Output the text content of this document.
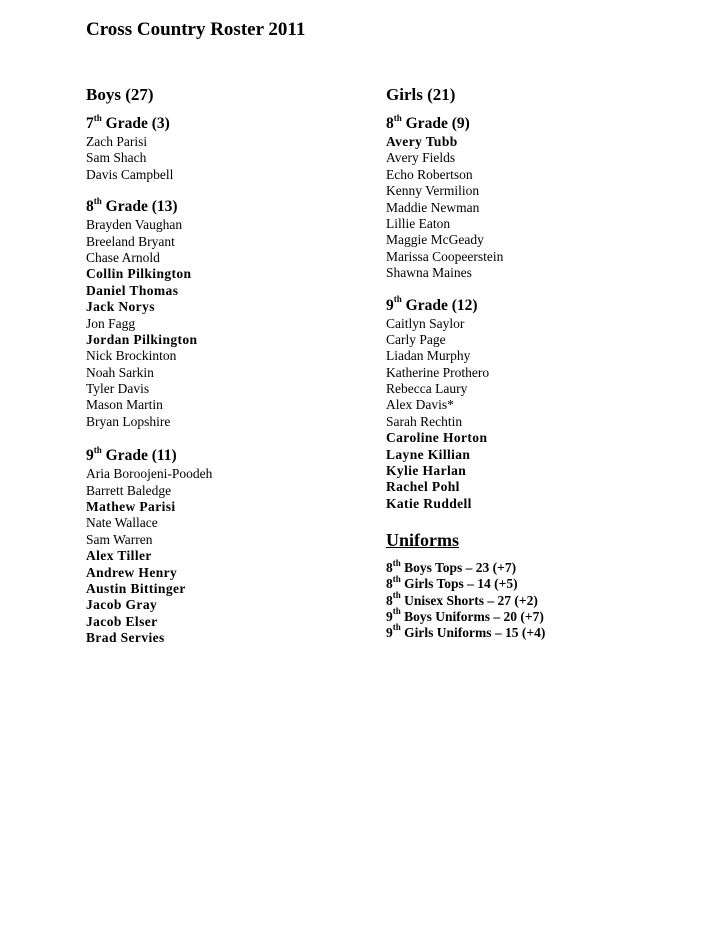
Cross Country Roster 2011
Boys (27)
7th Grade (3)
Zach Parisi
Sam Shach
Davis Campbell
8th Grade (13)
Brayden Vaughan
Breeland Bryant
Chase Arnold
Collin Pilkington
Daniel Thomas
Jack Norys
Jon Fagg
Jordan Pilkington
Nick Brockinton
Noah Sarkin
Tyler Davis
Mason Martin
Bryan Lopshire
9th Grade (11)
Aria Boroojeni-Poodeh
Barrett Baledge
Mathew Parisi
Nate Wallace
Sam Warren
Alex Tiller
Andrew Henry
Austin Bittinger
Jacob Gray
Jacob Elser
Brad Servies
Girls (21)
8th Grade (9)
Avery Tubb
Avery Fields
Echo Robertson
Kenny Vermilion
Maddie Newman
Lillie Eaton
Maggie McGeady
Marissa Coopeerstein
Shawna Maines
9th Grade (12)
Caitlyn Saylor
Carly Page
Liadan Murphy
Katherine Prothero
Rebecca Laury
Alex Davis*
Sarah Rechtin
Caroline Horton
Layne Killian
Kylie Harlan
Rachel Pohl
Katie Ruddell
Uniforms
8th Boys Tops – 23 (+7)
8th Girls Tops – 14 (+5)
8th Unisex Shorts – 27 (+2)
9th Boys Uniforms – 20 (+7)
9th Girls Uniforms – 15 (+4)
